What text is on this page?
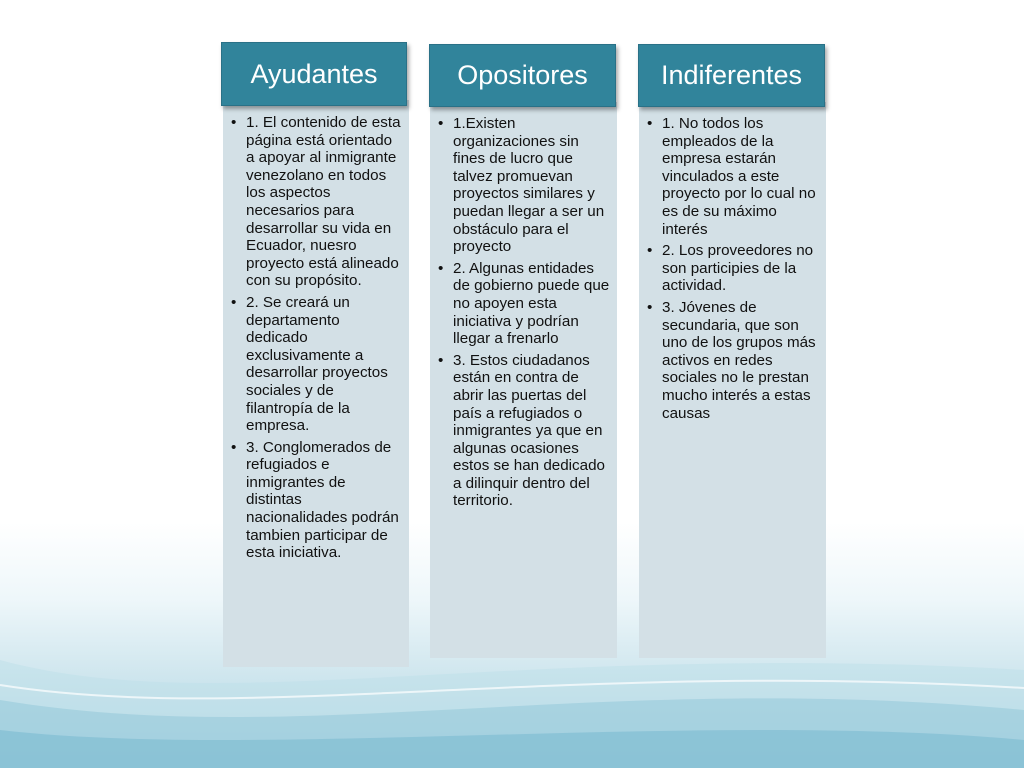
Ayudantes
• 1. El contenido de esta página está orientado a apoyar al inmigrante venezolano en todos los aspectos necesarios para desarrollar su vida en Ecuador, nuesro proyecto está alineado con su propósito.
• 2. Se creará un departamento dedicado exclusivamente a desarrollar proyectos sociales y de filantropía de la empresa.
• 3. Conglomerados de refugiados e inmigrantes de distintas nacionalidades podrán tambien participar de esta iniciativa.
Opositores
• 1.Existen organizaciones sin fines de lucro que talvez promuevan proyectos similares y puedan llegar a ser un obstáculo para el proyecto
• 2. Algunas entidades de gobierno puede que no apoyen esta iniciativa y podrían llegar a frenarlo
• 3. Estos ciudadanos están en contra de abrir las puertas del país a refugiados o inmigrantes ya que en algunas ocasiones estos se han dedicado a dilinquir dentro del territorio.
Indiferentes
• 1. No todos los empleados de la empresa estarán vinculados a este proyecto por lo cual no es de su máximo interés
• 2. Los proveedores no son participies de la actividad.
• 3. Jóvenes de secundaria, que son uno de los grupos más activos en redes sociales no le prestan mucho interés a estas causas
